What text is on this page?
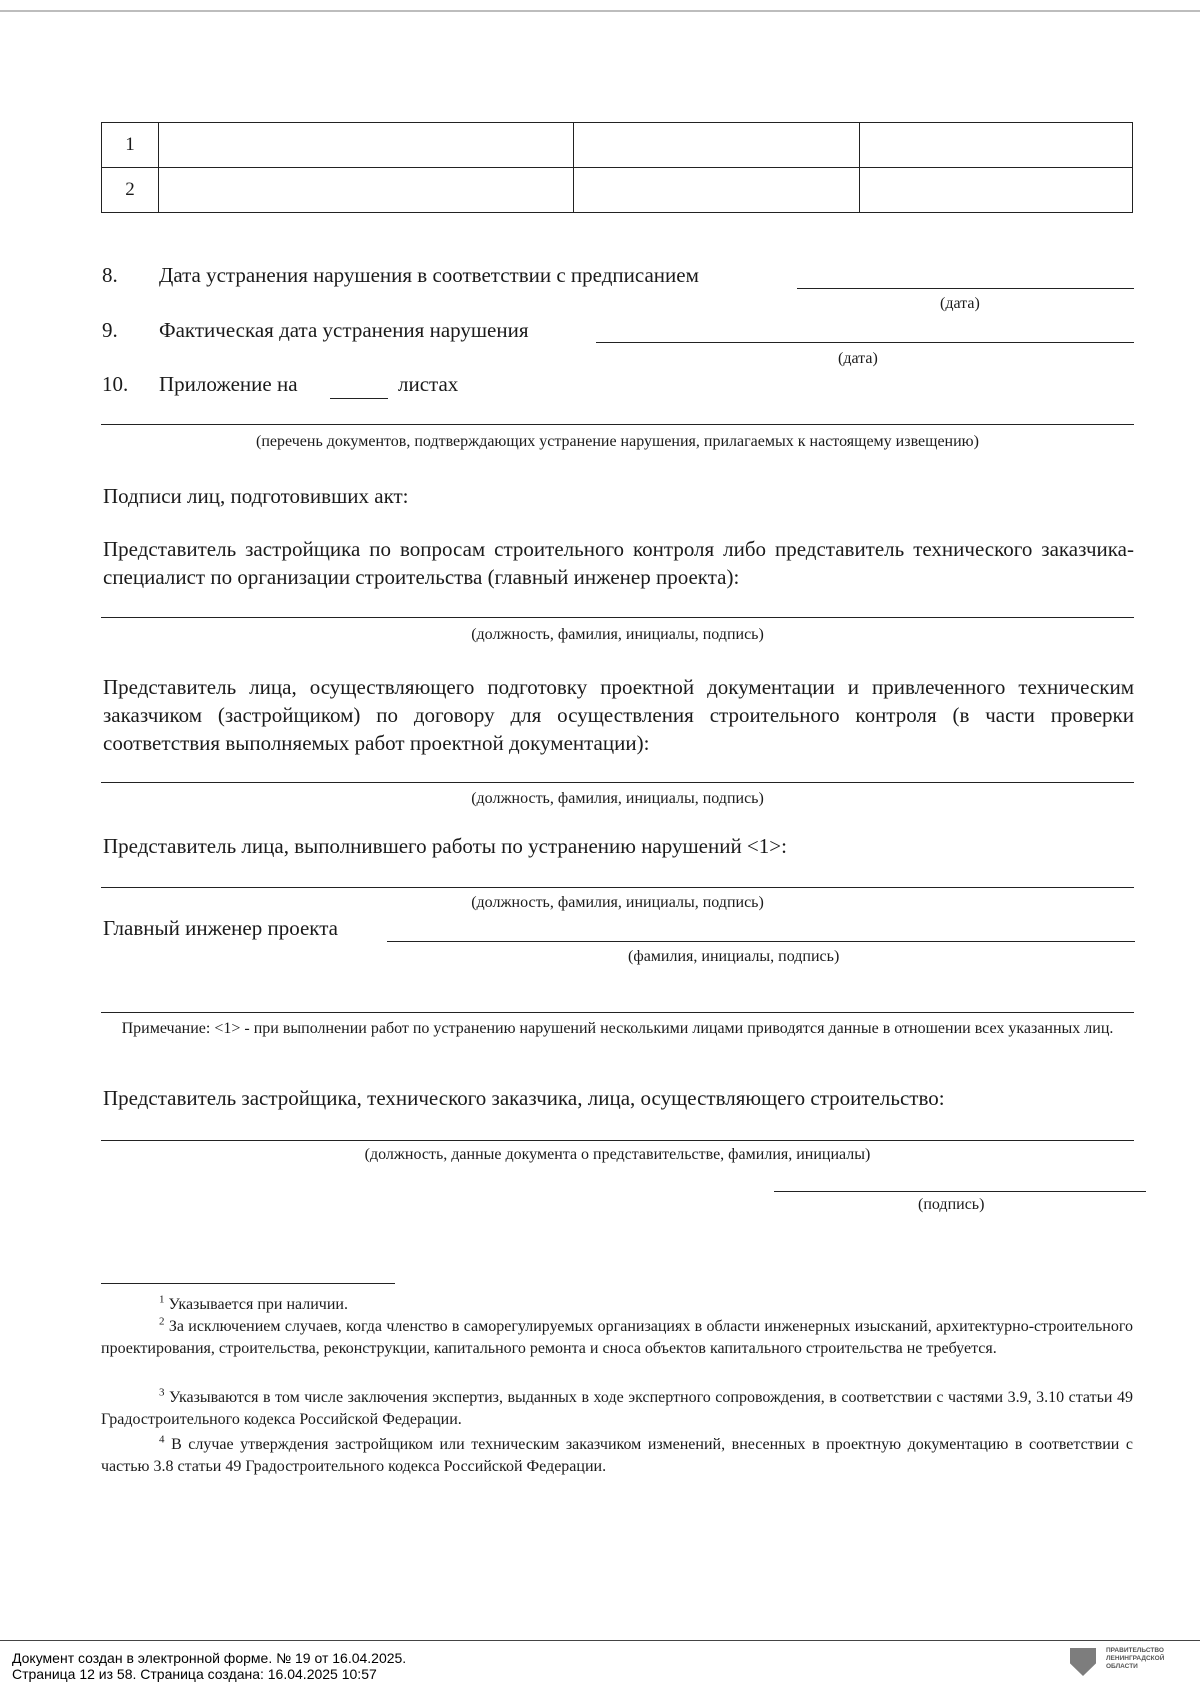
1			
2			
8. Дата устранения нарушения в соответствии с предписанием
(дата)
9. Фактическая дата устранения нарушения
(дата)
10. Приложение на	листах
(перечень документов, подтверждающих устранение нарушения, прилагаемых к настоящему извещению)
Подписи лиц, подготовивших акт:
Представитель застройщика по вопросам строительного контроля либо представитель технического заказчика-специалист по организации строительства (главный инженер проекта):
(должность, фамилия, инициалы, подпись)
Представитель лица, осуществляющего подготовку проектной документации и привлеченного техническим заказчиком (застройщиком) по договору для осуществления строительного контроля (в части проверки соответствия выполняемых работ проектной документации):
(должность, фамилия, инициалы, подпись)
Представитель лица, выполнившего работы по устранению нарушений <1>:
(должность, фамилия, инициалы, подпись)
Главный инженер проекта
(фамилия, инициалы, подпись)
Примечание: <1> - при выполнении работ по устранению нарушений несколькими лицами приводятся данные в отношении всех указанных лиц.
Представитель застройщика, технического заказчика, лица, осуществляющего строительство:
(должность, данные документа о представительстве, фамилия, инициалы)
(подпись)
$^1$ Указывается при наличии.
$^2$ За исключением случаев, когда членство в саморегулируемых организациях в области инженерных изысканий, архитектурно-строительного проектирования, строительства, реконструкции, капитального ремонта и сноса объектов капитального строительства не требуется.
$^3$ Указываются в том числе заключения экспертиз, выданных в ходе экспертного сопровождения, в соответствии с частями 3.9, 3.10 статьи 49 Градостроительного кодекса Российской Федерации.
$^4$ В случае утверждения застройщиком или техническим заказчиком изменений, внесенных в проектную документацию в соответствии с частью 3.8 статьи 49 Градостроительного кодекса Российской Федерации.
Документ создан в электронной форме. № 19 от 16.04.2025.
Страница 12 из 58. Страница создана: 16.04.2025 10:57
ПРАВИТЕЛЬСТВО
ЛЕНИНГРАДСКОЙ
ОБЛАСТИ
